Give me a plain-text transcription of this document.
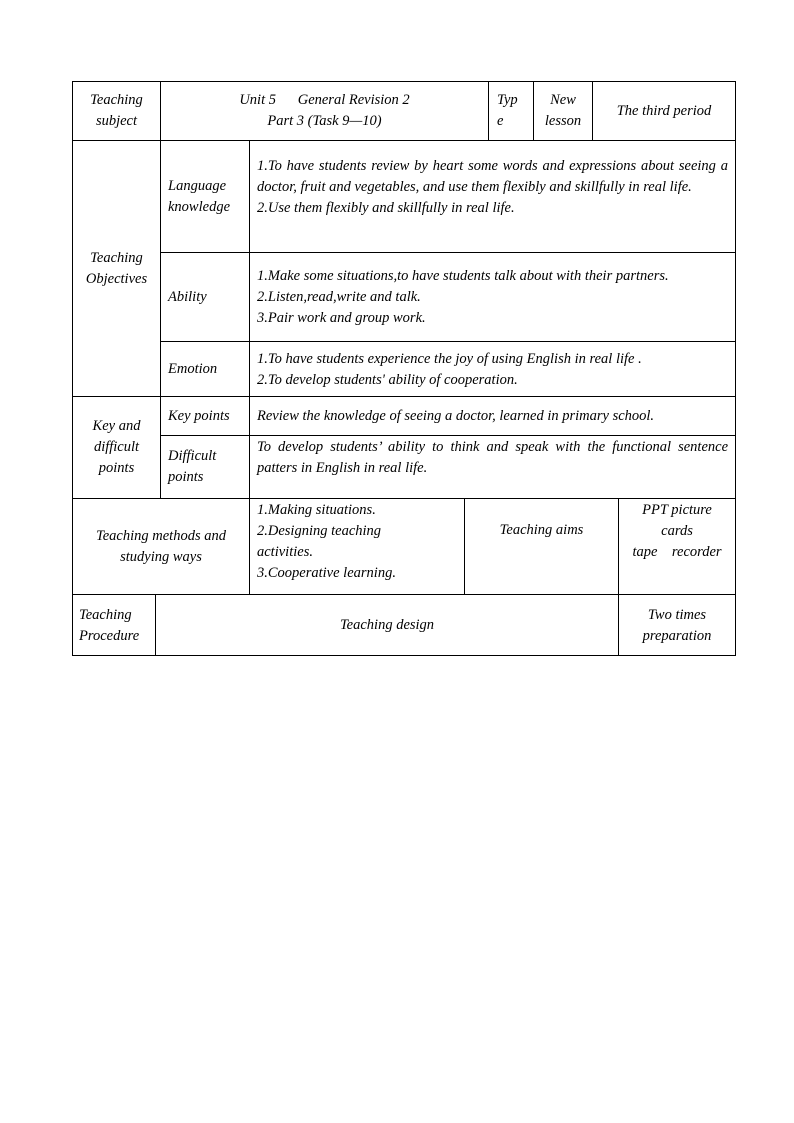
Teaching
subject
Unit 5      General Revision 2
Part 3 (Task 9—10)
Typ
e
New
lesson
The third period
Teaching
Objectives
Language
knowledge
1.To have students review by heart some words and expressions about seeing a doctor, fruit and vegetables, and use them flexibly and skillfully in real life.
2.Use them flexibly and skillfully in real life.
Ability
1.Make some situations,to have students talk about with their partners.
2.Listen,read,write and talk.
3.Pair work and group work.
Emotion
1.To have students experience the joy of using English in real life .
2.To develop students' ability of cooperation.
Key and
difficult
points
Key points Review the knowledge of seeing a doctor, learned in primary school.
Difficult
points
To develop students’ ability to think and speak with the functional sentence patters in English in real life.
Teaching methods and
studying ways
1.Making situations.
2.Designing teaching
activities.
3.Cooperative learning.
Teaching aims
PPT picture
cards
tape    recorder
Teaching
Procedure
Teaching design
Two times
preparation
